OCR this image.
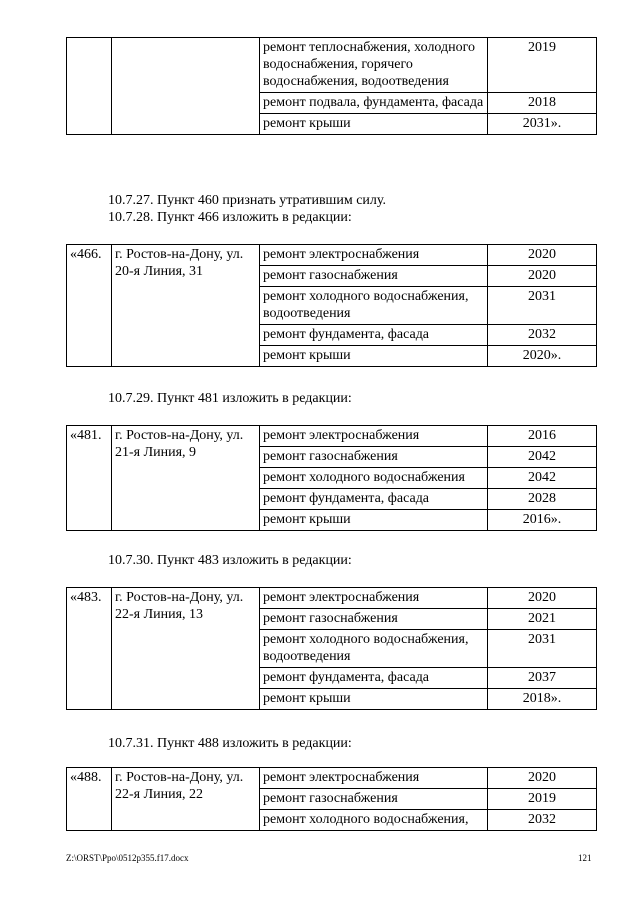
		ремонт теплоснабжения, холодного водоснабжения, горячего водоснабжения, водоотведения	2019
		ремонт подвала, фундамента, фасада	2018
		ремонт крыши	2031».
10.7.27. Пункт 460 признать утратившим силу.
10.7.28. Пункт 466 изложить в редакции:
«466.	г. Ростов-на-Дону, ул. 20-я Линия, 31	ремонт электроснабжения	2020
		ремонт газоснабжения	2020
		ремонт холодного водоснабжения, водоотведения	2031
		ремонт фундамента, фасада	2032
		ремонт крыши	2020».
10.7.29. Пункт 481 изложить в редакции:
«481.	г. Ростов-на-Дону, ул. 21-я Линия, 9	ремонт электроснабжения	2016
		ремонт газоснабжения	2042
		ремонт холодного водоснабжения	2042
		ремонт фундамента, фасада	2028
		ремонт крыши	2016».
10.7.30. Пункт 483 изложить в редакции:
«483.	г. Ростов-на-Дону, ул. 22-я Линия, 13	ремонт электроснабжения	2020
		ремонт газоснабжения	2021
		ремонт холодного водоснабжения, водоотведения	2031
		ремонт фундамента, фасада	2037
		ремонт крыши	2018».
10.7.31. Пункт 488 изложить в редакции:
«488.	г. Ростов-на-Дону, ул. 22-я Линия, 22	ремонт электроснабжения	2020
		ремонт газоснабжения	2019
		ремонт холодного водоснабжения,	2032
Z:\ORST\Ppo\0512p355.f17.docx	121
